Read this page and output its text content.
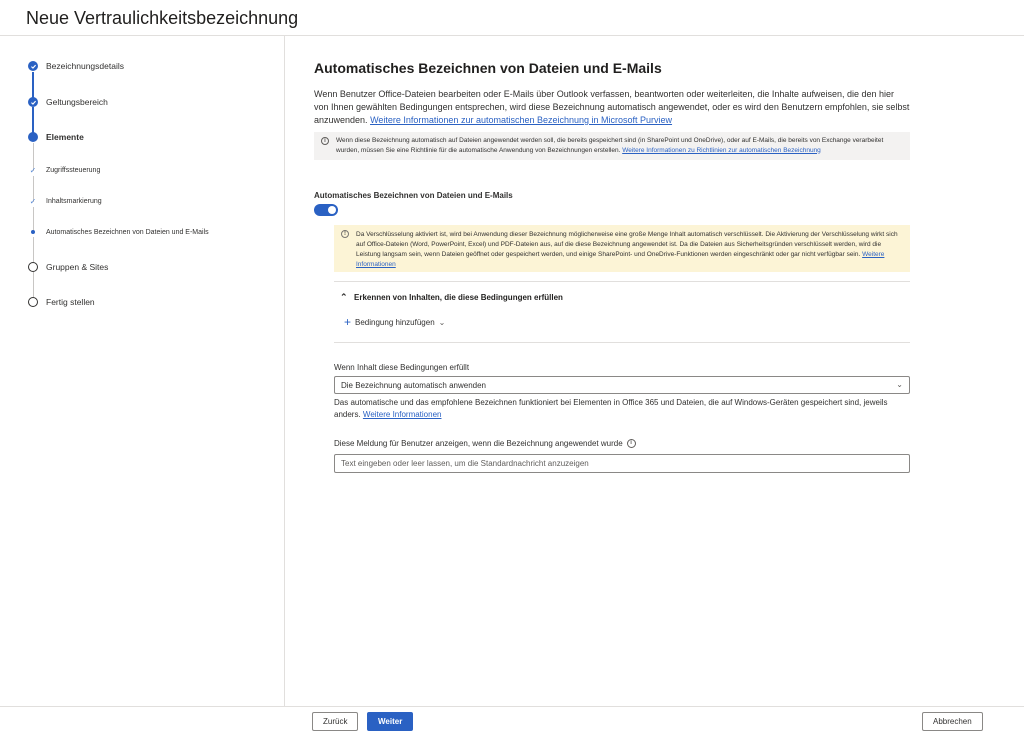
Neue Vertraulichkeitsbezeichnung
Bezeichnungsdetails
Geltungsbereich
Elemente
✓ Zugriffssteuerung
✓ Inhaltsmarkierung
Automatisches Bezeichnen von Dateien und E-Mails
Gruppen & Sites
Fertig stellen
Automatisches Bezeichnen von Dateien und E-Mails

Wenn Benutzer Office-Dateien bearbeiten oder E-Mails über Outlook verfassen, beantworten oder weiterleiten, die Inhalte aufweisen, die den hier von Ihnen gewählten Bedingungen entsprechen, wird diese Bezeichnung automatisch angewendet, oder es wird den Benutzern empfohlen, sie selbst anzuwenden. Weitere Informationen zur automatischen Bezeichnung in Microsoft Purview

i	Wenn diese Bezeichnung automatisch auf Dateien angewendet werden soll, die bereits gespeichert sind (in SharePoint und OneDrive), oder auf E-Mails, die bereits von Exchange verarbeitet wurden, müssen Sie eine Richtlinie für die automatische Anwendung von Bezeichnungen erstellen. Weitere Informationen zu Richtlinien zur automatischen Bezeichnung
Automatisches Bezeichnen von Dateien und E-Mails
!	Da Verschlüsselung aktiviert ist, wird bei Anwendung dieser Bezeichnung möglicherweise eine große Menge Inhalt automatisch verschlüsselt. Die Aktivierung der Verschlüsselung wirkt sich auf Office-Dateien (Word, PowerPoint, Excel) und PDF-Dateien aus, auf die diese Bezeichnung angewendet ist. Da die Dateien aus Sicherheitsgründen verschlüsselt werden, wird die Leistung langsam sein, wenn Dateien geöffnet oder gespeichert werden, und einige SharePoint- und OneDrive-Funktionen werden eingeschränkt oder gar nicht verfügbar sein. Weitere Informationen
⌃ Erkennen von Inhalten, die diese Bedingungen erfüllen
+ Bedingung hinzufügen ⌄
Wenn Inhalt diese Bedingungen erfüllt
Die Bezeichnung automatisch anwenden	⌄

Das automatische und das empfohlene Bezeichnen funktioniert bei Elementen in Office 365 und Dateien, die auf Windows-Geräten gespeichert sind, jeweils anders. Weitere Informationen

Diese Meldung für Benutzer anzeigen, wenn die Bezeichnung angewendet wurde	i
Text eingeben oder leer lassen, um die Standardnachricht anzuzeigen
Zurück	Weiter	Abbrechen
